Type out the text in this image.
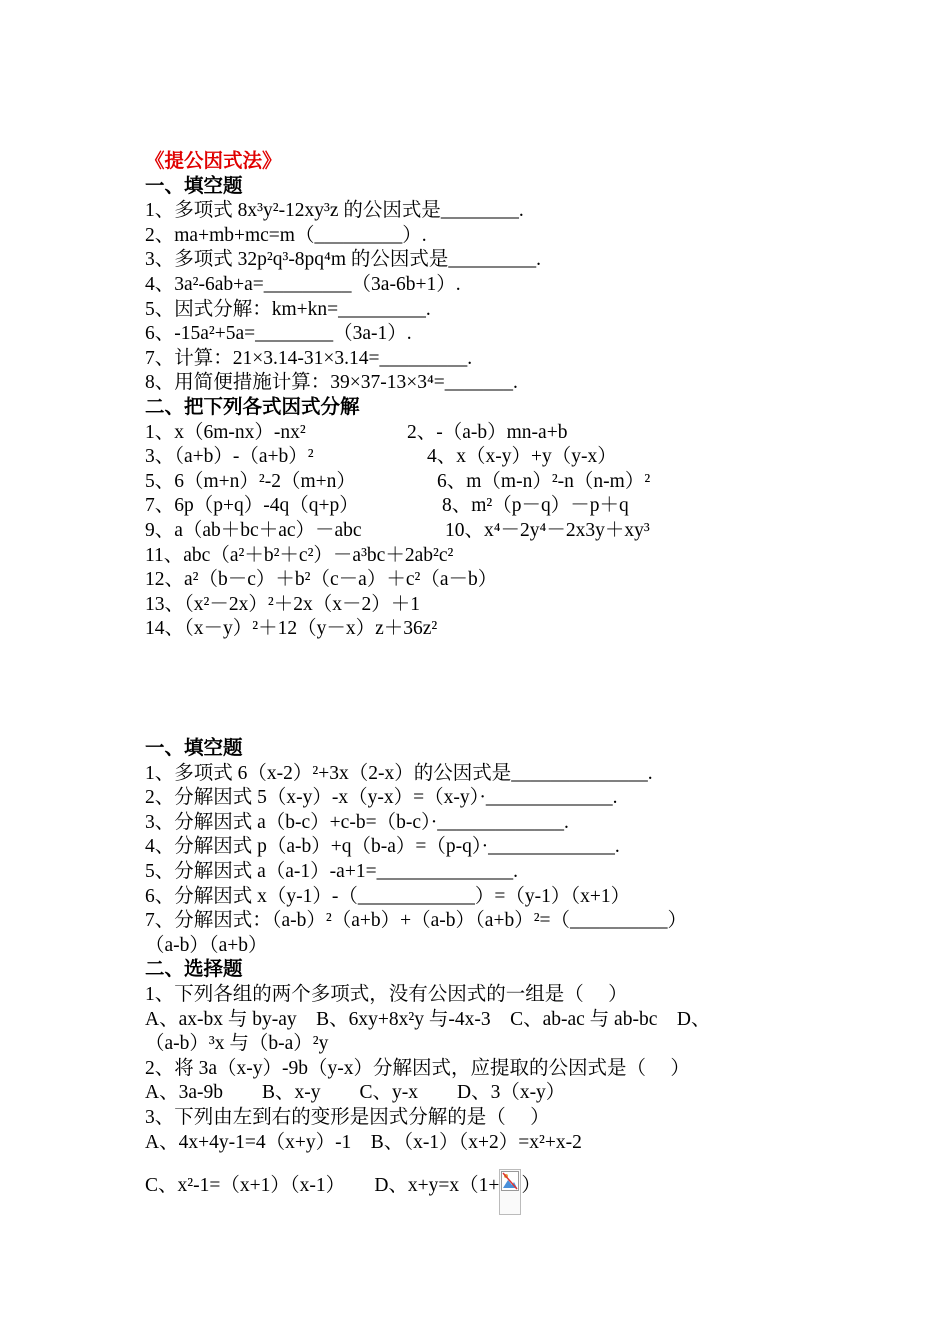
《提公因式法》
一、填空题
1、多项式 8x³y²-12xy³z 的公因式是________.
2、ma+mb+mc=m（_________）.
3、多项式 32p²q³-8pq⁴m 的公因式是_________.
4、3a²-6ab+a=_________（3a-6b+1）.
5、因式分解：km+kn=_________.
6、-15a²+5a=________（3a-1）.
7、计算：21×3.14-31×3.14=_________.
8、用简便措施计算：39×37-13×3⁴=_______.
二、把下列各式因式分解
1、x（6m-nx）-nx²	2、-（a-b）mn-a+b
3、（a+b）-（a+b）²	4、x（x-y）+y（y-x）
5、6（m+n）²-2（m+n）	6、m（m-n）²-n（n-m）²
7、6p（p+q）-4q（q+p）	8、m²（p－q）－p＋q
9、a（ab＋bc＋ac）－abc	10、x⁴－2y⁴－2x3y＋xy³
11、abc（a²＋b²＋c²）－a³bc＋2ab²c²
12、a²（b－c）＋b²（c－a）＋c²（a－b）
13、（x²－2x）²＋2x（x－2）＋1
14、（x－y）²＋12（y－x）z＋36z²
一、填空题
1、多项式 6（x-2）²+3x（2-x）的公因式是______________.
2、分解因式 5（x-y）-x（y-x）=（x-y）·_____________.
3、分解因式 a（b-c）+c-b=（b-c）·_____________.
4、分解因式 p（a-b）+q（b-a）=（p-q）·_____________.
5、分解因式 a（a-1）-a+1=______________.
6、分解因式 x（y-1）-（____________）=（y-1）（x+1）
7、分解因式：（a-b）²（a+b）+（a-b）（a+b）²=（__________）
（a-b）（a+b）
二、选择题
1、下列各组的两个多项式，没有公因式的一组是（　 ）
A、ax-bx 与 by-ay　B、6xy+8x²y 与-4x-3　C、ab-ac 与 ab-bc　D、
（a-b）³x 与（b-a）²y
2、将 3a（x-y）-9b（y-x）分解因式，应提取的公因式是（　 ）
A、3a-9b　　B、x-y　　C、y-x　　D、3（x-y）
3、下列由左到右的变形是因式分解的是（　 ）
A、4x+4y-1=4（x+y）-1　B、（x-1）（x+2）=x²+x-2
C、x²-1=（x+1）（x-1）　　D、x+y=x（1+ ）
